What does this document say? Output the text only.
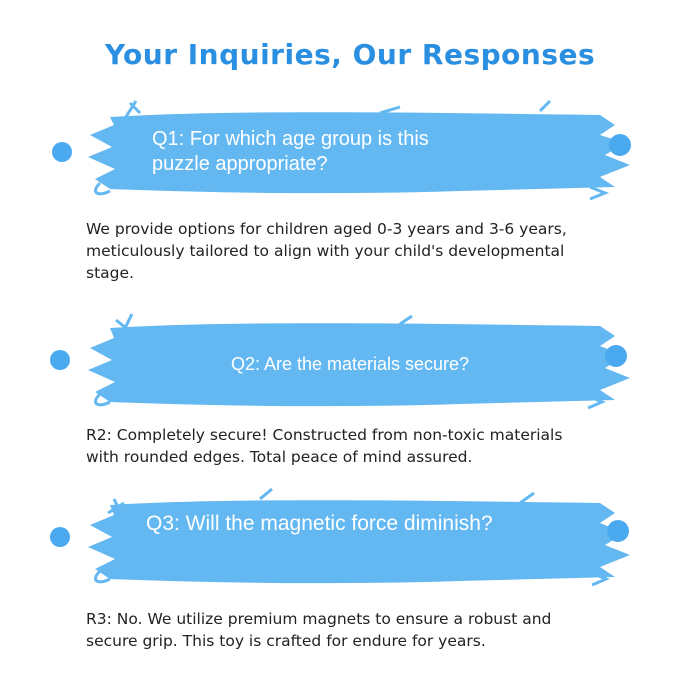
Your Inquiries, Our Responses
Q1: For which age group is this puzzle appropriate?
We provide options for children aged 0-3 years and 3-6 years, meticulously tailored to align with your child's developmental stage.
Q2: Are the materials secure?
R2: Completely secure! Constructed from non-toxic materials with rounded edges. Total peace of mind assured.
Q3: Will the magnetic force diminish?
R3: No. We utilize premium magnets to ensure a robust and secure grip. This toy is crafted for endure for years.
